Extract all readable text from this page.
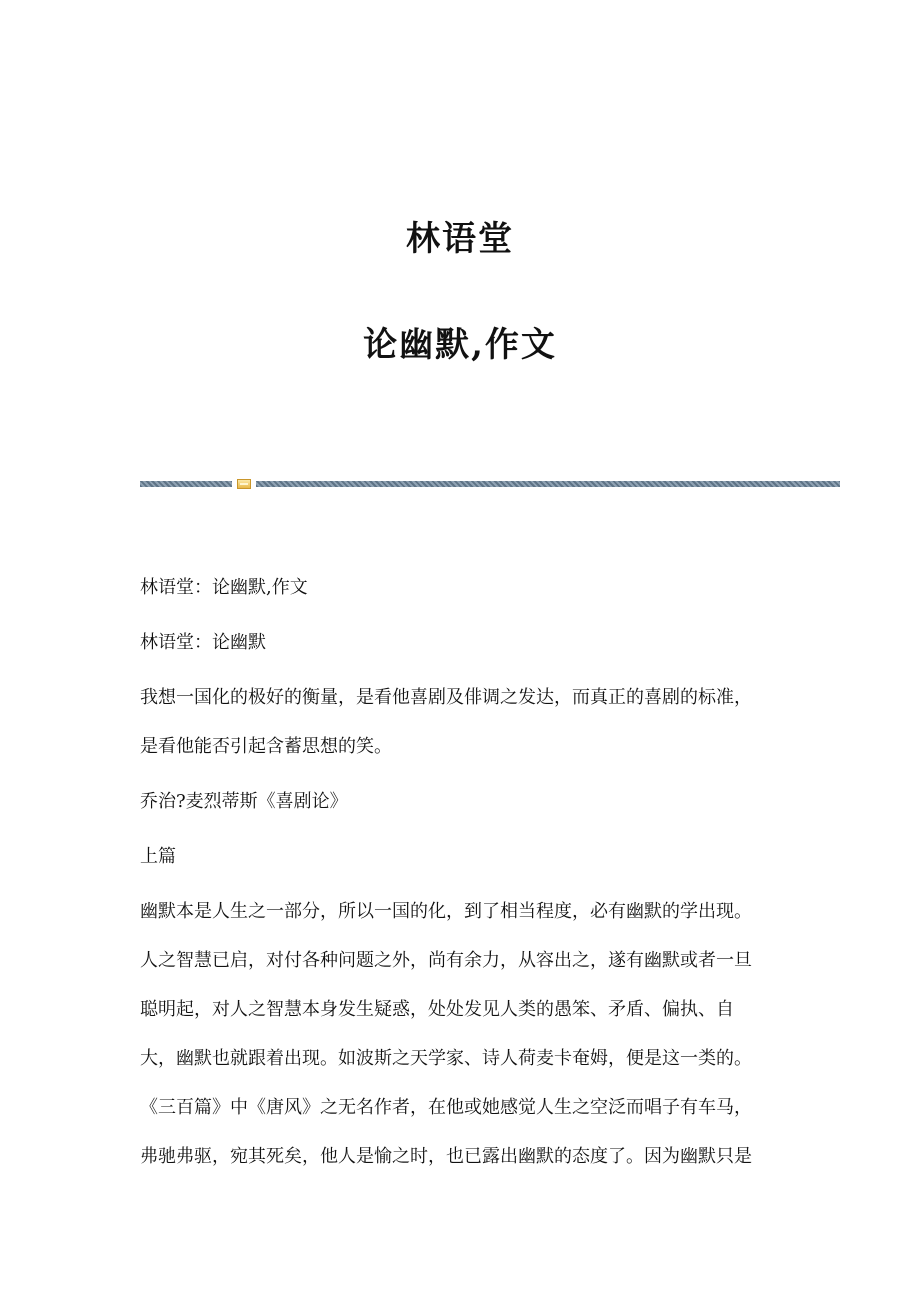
林语堂
论幽默,作文

林语堂：论幽默,作文

林语堂：论幽默

我想一国化的极好的衡量，是看他喜剧及俳调之发达，而真正的喜剧的标准，

是看他能否引起含蓄思想的笑。

乔治?麦烈蒂斯《喜剧论》

上篇

幽默本是人生之一部分，所以一国的化，到了相当程度，必有幽默的学出现。

人之智慧已启，对付各种问题之外，尚有余力，从容出之，遂有幽默或者一旦

聪明起，对人之智慧本身发生疑惑，处处发见人类的愚笨、矛盾、偏执、自

大，幽默也就跟着出现。如波斯之天学家、诗人荷麦卡奄姆，便是这一类的。

《三百篇》中《唐风》之无名作者，在他或她感觉人生之空泛而唱子有车马，

弗驰弗驱，宛其死矣，他人是愉之时，也已露出幽默的态度了。因为幽默只是
